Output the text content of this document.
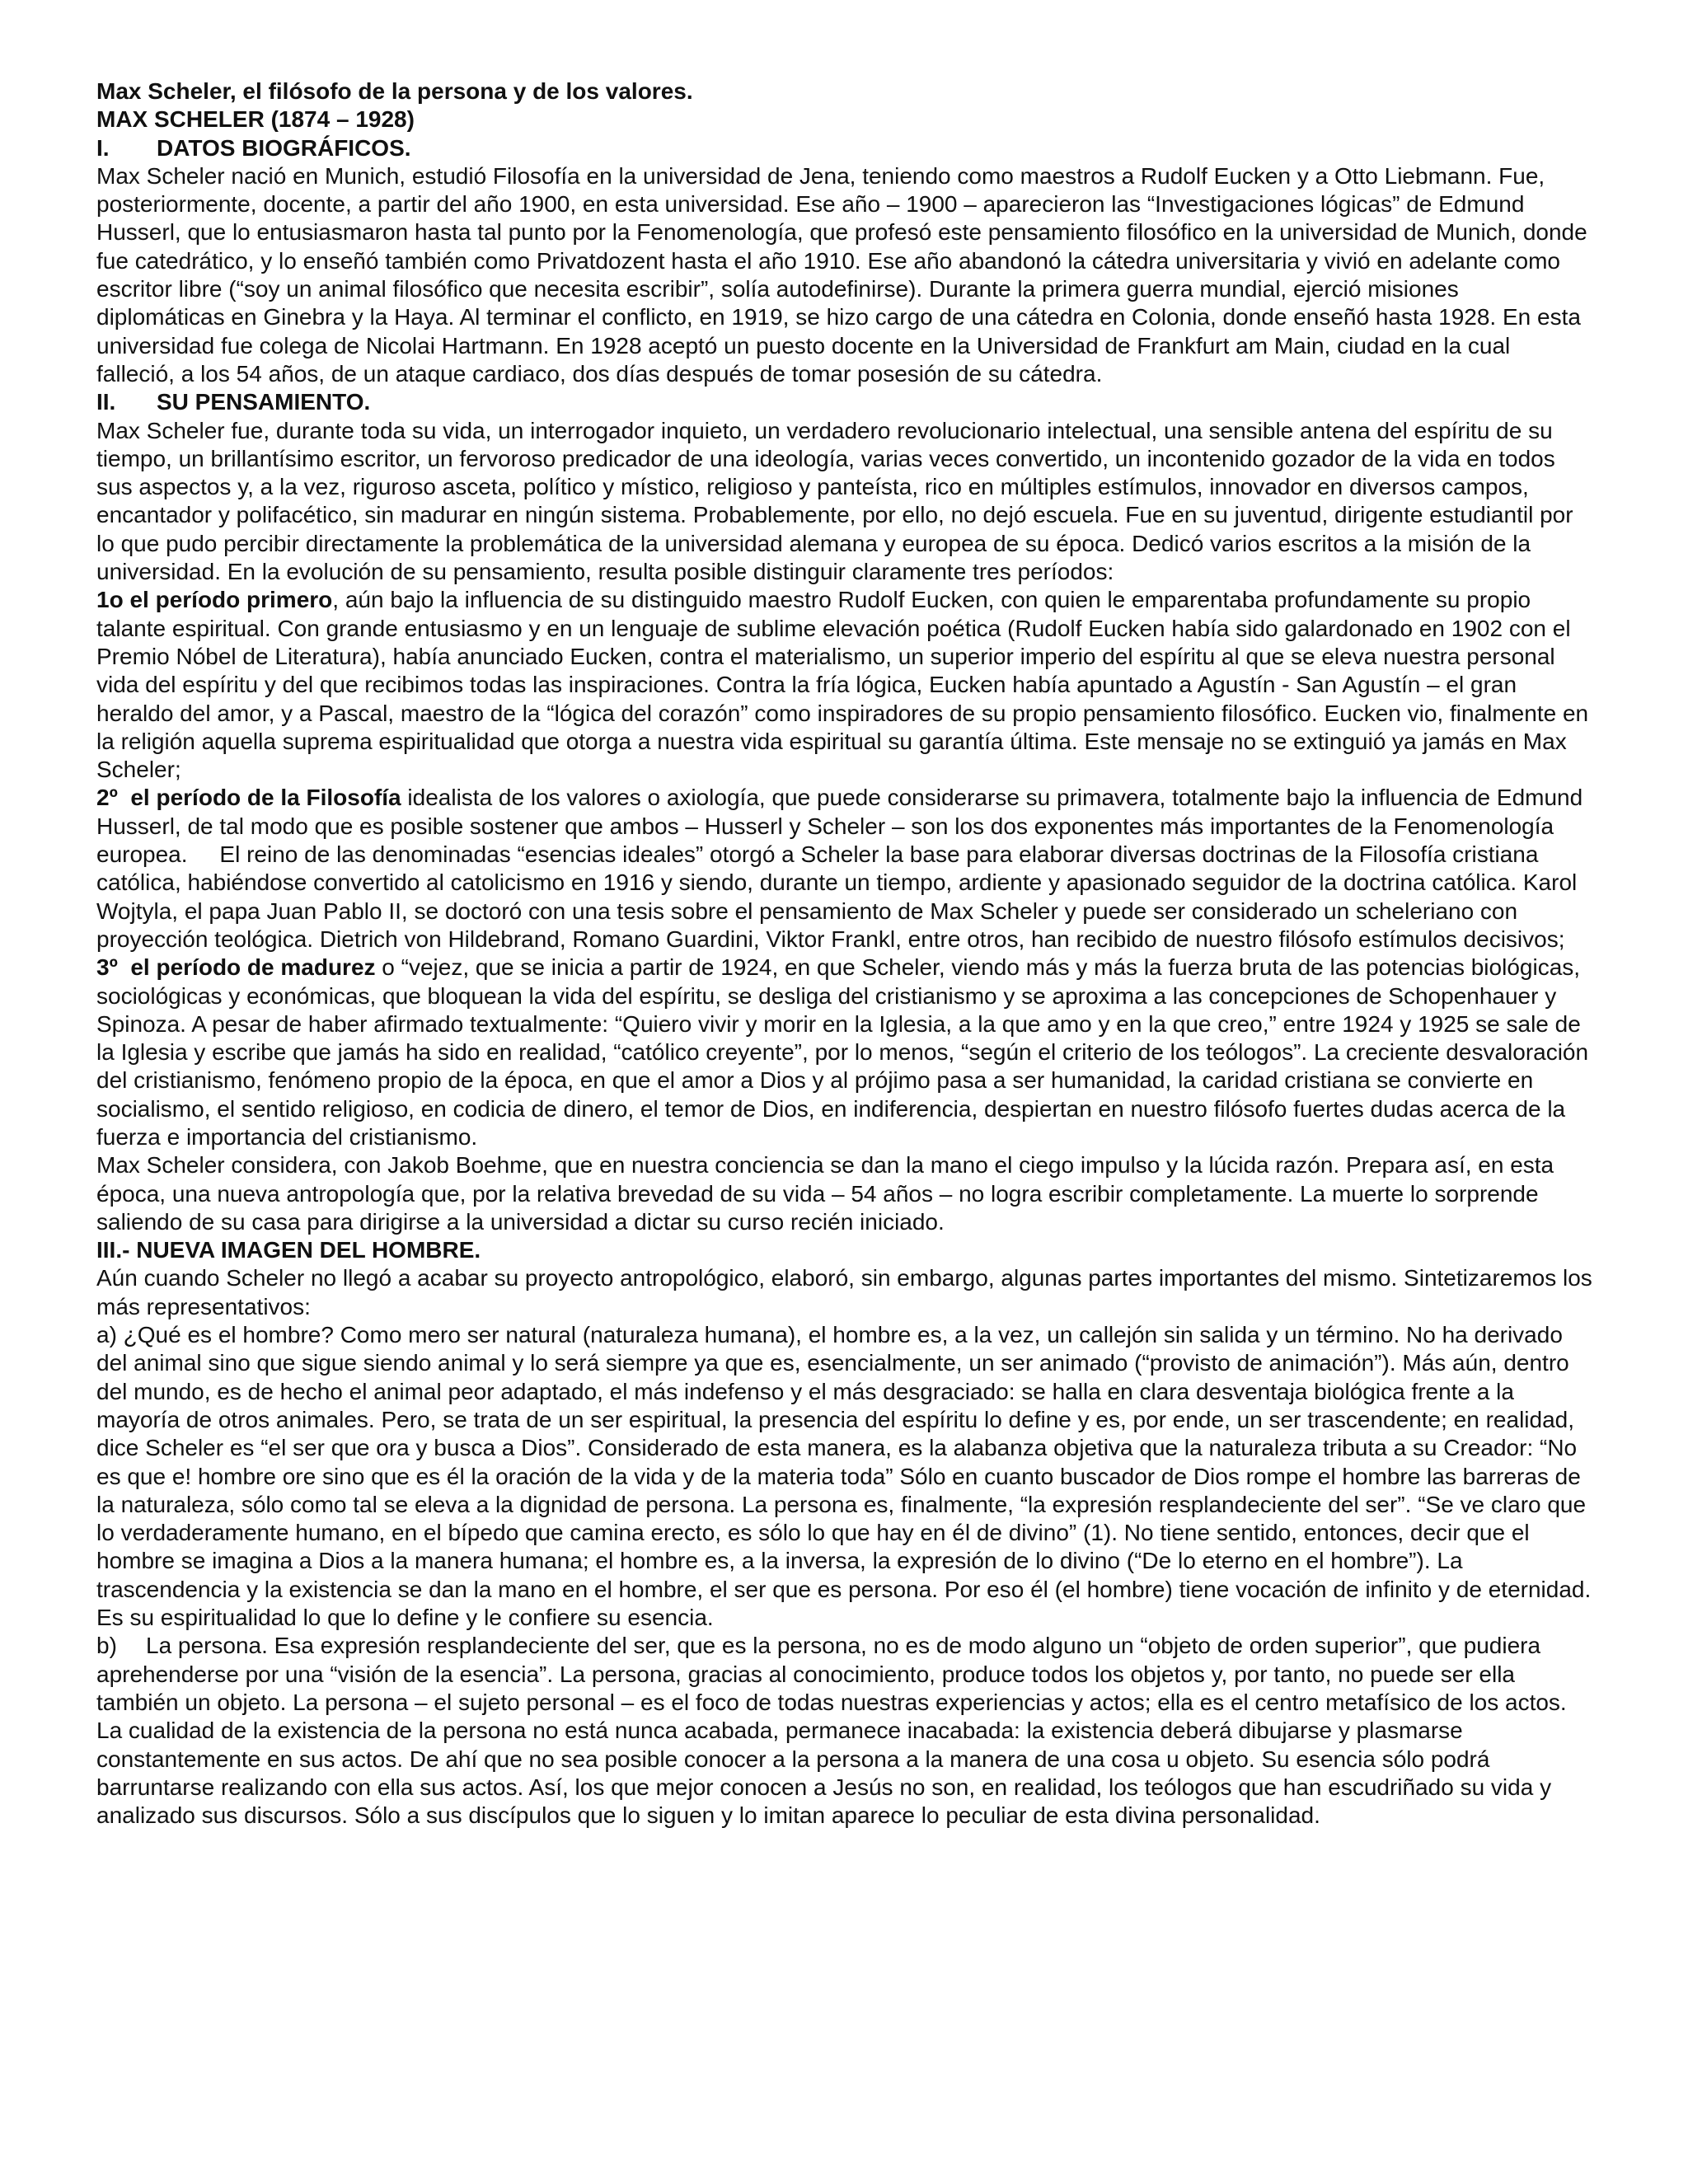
Max Scheler, el filósofo de la persona y de los valores.

MAX SCHELER (1874 – 1928)

I. DATOS BIOGRÁFICOS.

Max Scheler nació en Munich, estudió Filosofía en la universidad de Jena, teniendo como maestros a Rudolf Eucken y a Otto Liebmann. Fue, posteriormente, docente, a partir del año 1900, en esta universidad. Ese año – 1900 – aparecieron las “Investigaciones lógicas” de Edmund Husserl, que lo entusiasmaron hasta tal punto por la Fenomenología, que profesó este pensamiento filosófico en la universidad de Munich, donde fue catedrático, y lo enseñó también como Privatdozent hasta el año 1910. Ese año abandonó la cátedra universitaria y vivió en adelante como escritor libre (“soy un animal filosófico que necesita escribir”, solía autodefinirse). Durante la primera guerra mundial, ejerció misiones diplomáticas en Ginebra y la Haya. Al terminar el conflicto, en 1919, se hizo cargo de una cátedra en Colonia, donde enseñó hasta 1928. En esta universidad fue colega de Nicolai Hartmann. En 1928 aceptó un puesto docente en la Universidad de Frankfurt am Main, ciudad en la cual falleció, a los 54 años, de un ataque cardiaco, dos días después de tomar posesión de su cátedra.

II. SU PENSAMIENTO.

Max Scheler fue, durante toda su vida, un interrogador inquieto, un verdadero revolucionario intelectual, una sensible antena del espíritu de su tiempo, un brillantísimo escritor, un fervoroso predicador de una ideología, varias veces convertido, un incontenido gozador de la vida en todos sus aspectos y, a la vez, riguroso asceta, político y místico, religioso y panteísta, rico en múltiples estímulos, innovador en diversos campos, encantador y polifacético, sin madurar en ningún sistema. Probablemente, por ello, no dejó escuela. Fue en su juventud, dirigente estudiantil por lo que pudo percibir directamente la problemática de la universidad alemana y europea de su época. Dedicó varios escritos a la misión de la universidad. En la evolución de su pensamiento, resulta posible distinguir claramente tres períodos:

1o el período primero, aún bajo la influencia de su distinguido maestro Rudolf Eucken, con quien le emparentaba profundamente su propio talante espiritual. Con grande entusiasmo y en un lenguaje de sublime elevación poética (Rudolf Eucken había sido galardonado en 1902 con el Premio Nóbel de Literatura), había anunciado Eucken, contra el materialismo, un superior imperio del espíritu al que se eleva nuestra personal vida del espíritu y del que recibimos todas las inspiraciones. Contra la fría lógica, Eucken había apuntado a Agustín - San Agustín – el gran heraldo del amor, y a Pascal, maestro de la “lógica del corazón” como inspiradores de su propio pensamiento filosófico. Eucken vio, finalmente en la religión aquella suprema espiritualidad que otorga a nuestra vida espiritual su garantía última. Este mensaje no se extinguió ya jamás en Max Scheler;

2º  el período de la Filosofía idealista de los valores o axiología, que puede considerarse su primavera, totalmente bajo la influencia de Edmund Husserl, de tal modo que es posible sostener que ambos – Husserl y Scheler – son los dos exponentes más importantes de la Fenomenología europea.     El reino de las denominadas “esencias ideales” otorgó a Scheler la base para elaborar diversas doctrinas de la Filosofía cristiana católica, habiéndose convertido al catolicismo en 1916 y siendo, durante un tiempo, ardiente y apasionado seguidor de la doctrina católica. Karol Wojtyla, el papa Juan Pablo II, se doctoró con una tesis sobre el pensamiento de Max Scheler y puede ser considerado un scheleriano con proyección teológica. Dietrich von Hildebrand, Romano Guardini, Viktor Frankl, entre otros, han recibido de nuestro filósofo estímulos decisivos;

3º  el período de madurez o “vejez, que se inicia a partir de 1924, en que Scheler, viendo más y más la fuerza bruta de las potencias biológicas, sociológicas y económicas, que bloquean la vida del espíritu, se desliga del cristianismo y se aproxima a las concepciones de Schopenhauer y Spinoza. A pesar de haber afirmado textualmente: “Quiero vivir y morir en la Iglesia, a la que amo y en la que creo,” entre 1924 y 1925 se sale de la Iglesia y escribe que jamás ha sido en realidad, “católico creyente”, por lo menos, “según el criterio de los teólogos”. La creciente desvaloración del cristianismo, fenómeno propio de la época, en que el amor a Dios y al prójimo pasa a ser humanidad, la caridad cristiana se convierte en socialismo, el sentido religioso, en codicia de dinero, el temor de Dios, en indiferencia, despiertan en nuestro filósofo fuertes dudas acerca de la fuerza e importancia del cristianismo.

Max Scheler considera, con Jakob Boehme, que en nuestra conciencia se dan la mano el ciego impulso y la lúcida razón. Prepara así, en esta época, una nueva antropología que, por la relativa brevedad de su vida – 54 años – no logra escribir completamente. La muerte lo sorprende saliendo de su casa para dirigirse a la universidad a dictar su curso recién iniciado.

III.- NUEVA IMAGEN DEL HOMBRE.

Aún cuando Scheler no llegó a acabar su proyecto antropológico, elaboró, sin embargo, algunas partes importantes del mismo. Sintetizaremos los más representativos:

a) ¿Qué es el hombre? Como mero ser natural (naturaleza humana), el hombre es, a la vez, un callejón sin salida y un término. No ha derivado del animal sino que sigue siendo animal y lo será siempre ya que es, esencialmente, un ser animado (“provisto de animación”). Más aún, dentro del mundo, es de hecho el animal peor adaptado, el más indefenso y el más desgraciado: se halla en clara desventaja biológica frente a la mayoría de otros animales. Pero, se trata de un ser espiritual, la presencia del espíritu lo define y es, por ende, un ser trascendente; en realidad, dice Scheler es “el ser que ora y busca a Dios”. Considerado de esta manera, es la alabanza objetiva que la naturaleza tributa a su Creador: “No es que e! hombre ore sino que es él la oración de la vida y de la materia toda” Sólo en cuanto buscador de Dios rompe el hombre las barreras de la naturaleza, sólo como tal se eleva a la dignidad de persona. La persona es, finalmente, “la expresión resplandeciente del ser”. “Se ve claro que lo verdaderamente humano, en el bípedo que camina erecto, es sólo lo que hay en él de divino” (1). No tiene sentido, entonces, decir que el hombre se imagina a Dios a la manera humana; el hombre es, a la inversa, la expresión de lo divino (“De lo eterno en el hombre”). La trascendencia y la existencia se dan la mano en el hombre, el ser que es persona. Por eso él (el hombre) tiene vocación de infinito y de eternidad. Es su espiritualidad lo que lo define y le confiere su esencia.

b) La persona. Esa expresión resplandeciente del ser, que es la persona, no es de modo alguno un “objeto de orden superior”, que pudiera aprehenderse por una “visión de la esencia”. La persona, gracias al conocimiento, produce todos los objetos y, por tanto, no puede ser ella también un objeto. La persona – el sujeto personal – es el foco de todas nuestras experiencias y actos; ella es el centro metafísico de los actos. La cualidad de la existencia de la persona no está nunca acabada, permanece inacabada: la existencia deberá dibujarse y plasmarse constantemente en sus actos. De ahí que no sea posible conocer a la persona a la manera de una cosa u objeto. Su esencia sólo podrá barruntarse realizando con ella sus actos. Así, los que mejor conocen a Jesús no son, en realidad, los teólogos que han escudriñado su vida y analizado sus discursos. Sólo a sus discípulos que lo siguen y lo imitan aparece lo peculiar de esta divina personalidad.
